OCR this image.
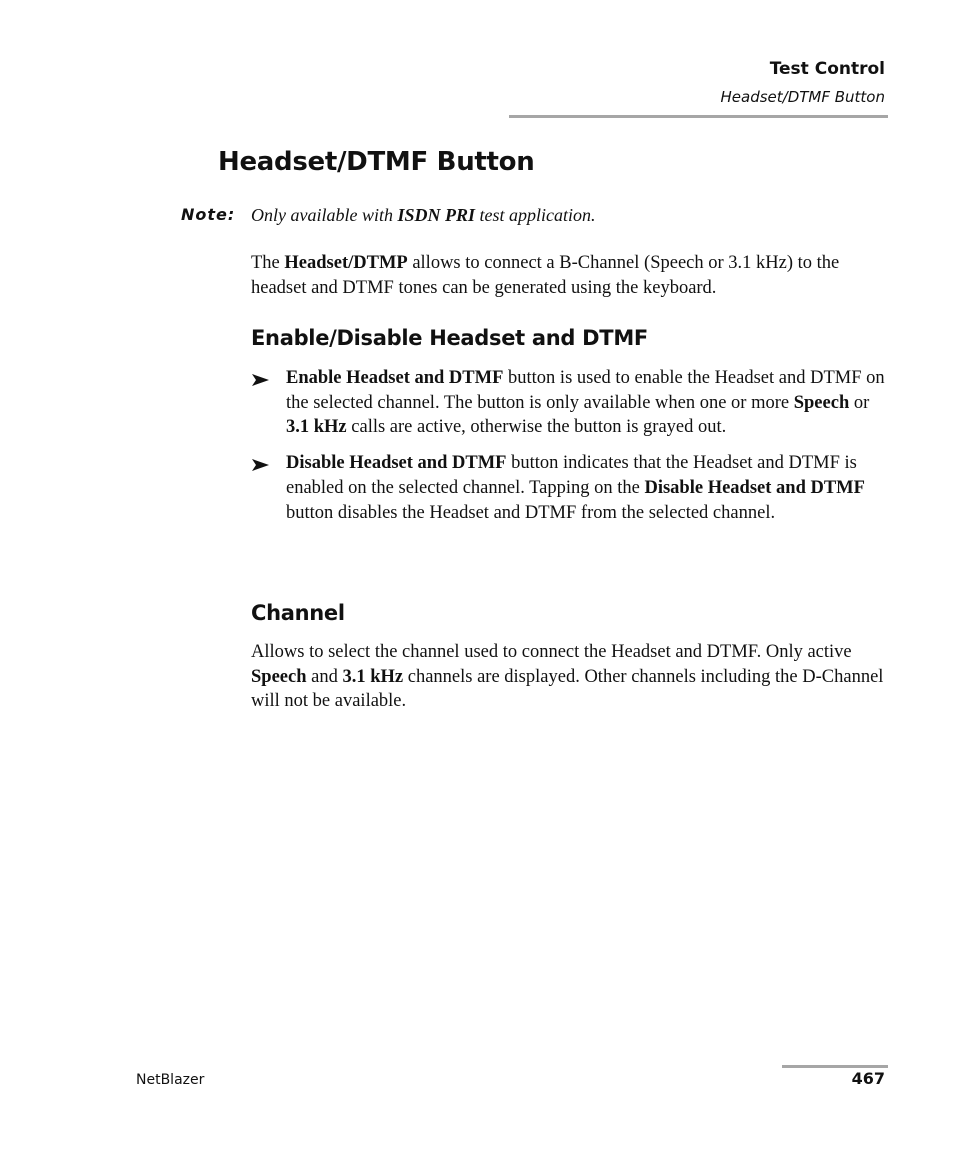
Test Control
Headset/DTMF Button
Headset/DTMF Button
Note: Only available with ISDN PRI test application.
The Headset/DTMP allows to connect a B-Channel (Speech or 3.1 kHz) to the headset and DTMF tones can be generated using the keyboard.
Enable/Disable Headset and DTMF
Enable Headset and DTMF button is used to enable the Headset and DTMF on the selected channel. The button is only available when one or more Speech or 3.1 kHz calls are active, otherwise the button is grayed out.
Disable Headset and DTMF button indicates that the Headset and DTMF is enabled on the selected channel. Tapping on the Disable Headset and DTMF button disables the Headset and DTMF from the selected channel.
Channel
Allows to select the channel used to connect the Headset and DTMF. Only active Speech and 3.1 kHz channels are displayed. Other channels including the D-Channel will not be available.
NetBlazer	467
